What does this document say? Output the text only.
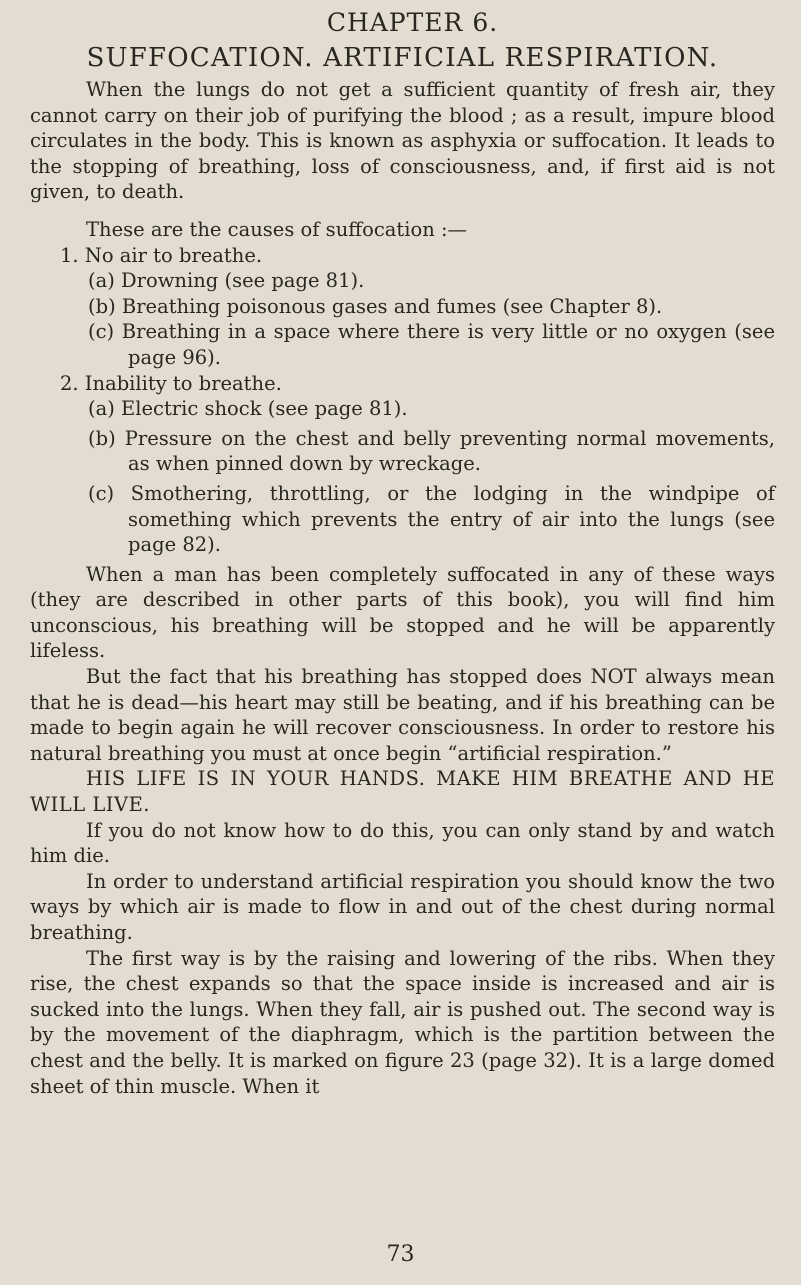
CHAPTER 6.
SUFFOCATION. ARTIFICIAL RESPIRATION.

When the lungs do not get a sufficient quantity of fresh air, they cannot carry on their job of purifying the blood ; as a result, impure blood circulates in the body. This is known as asphyxia or suffocation. It leads to the stopping of breathing, loss of consciousness, and, if first aid is not given, to death.

These are the causes of suffocation :—

1. No air to breathe.

(a) Drowning (see page 81).

(b) Breathing poisonous gases and fumes (see Chapter 8).

(c) Breathing in a space where there is very little or no oxygen (see page 96).

2. Inability to breathe.

(a) Electric shock (see page 81).

(b) Pressure on the chest and belly preventing normal movements, as when pinned down by wreckage.

(c) Smothering, throttling, or the lodging in the windpipe of something which prevents the entry of air into the lungs (see page 82).

When a man has been completely suffocated in any of these ways (they are described in other parts of this book), you will find him unconscious, his breathing will be stopped and he will be apparently lifeless.

But the fact that his breathing has stopped does NOT always mean that he is dead—his heart may still be beating, and if his breathing can be made to begin again he will recover consciousness. In order to restore his natural breathing you must at once begin “artificial respiration.”

HIS LIFE IS IN YOUR HANDS. MAKE HIM BREATHE AND HE WILL LIVE.

If you do not know how to do this, you can only stand by and watch him die.

In order to understand artificial respiration you should know the two ways by which air is made to flow in and out of the chest during normal breathing.

The first way is by the raising and lowering of the ribs. When they rise, the chest expands so that the space inside is increased and air is sucked into the lungs. When they fall, air is pushed out. The second way is by the movement of the diaphragm, which is the partition between the chest and the belly. It is marked on figure 23 (page 32). It is a large domed sheet of thin muscle. When it

73
